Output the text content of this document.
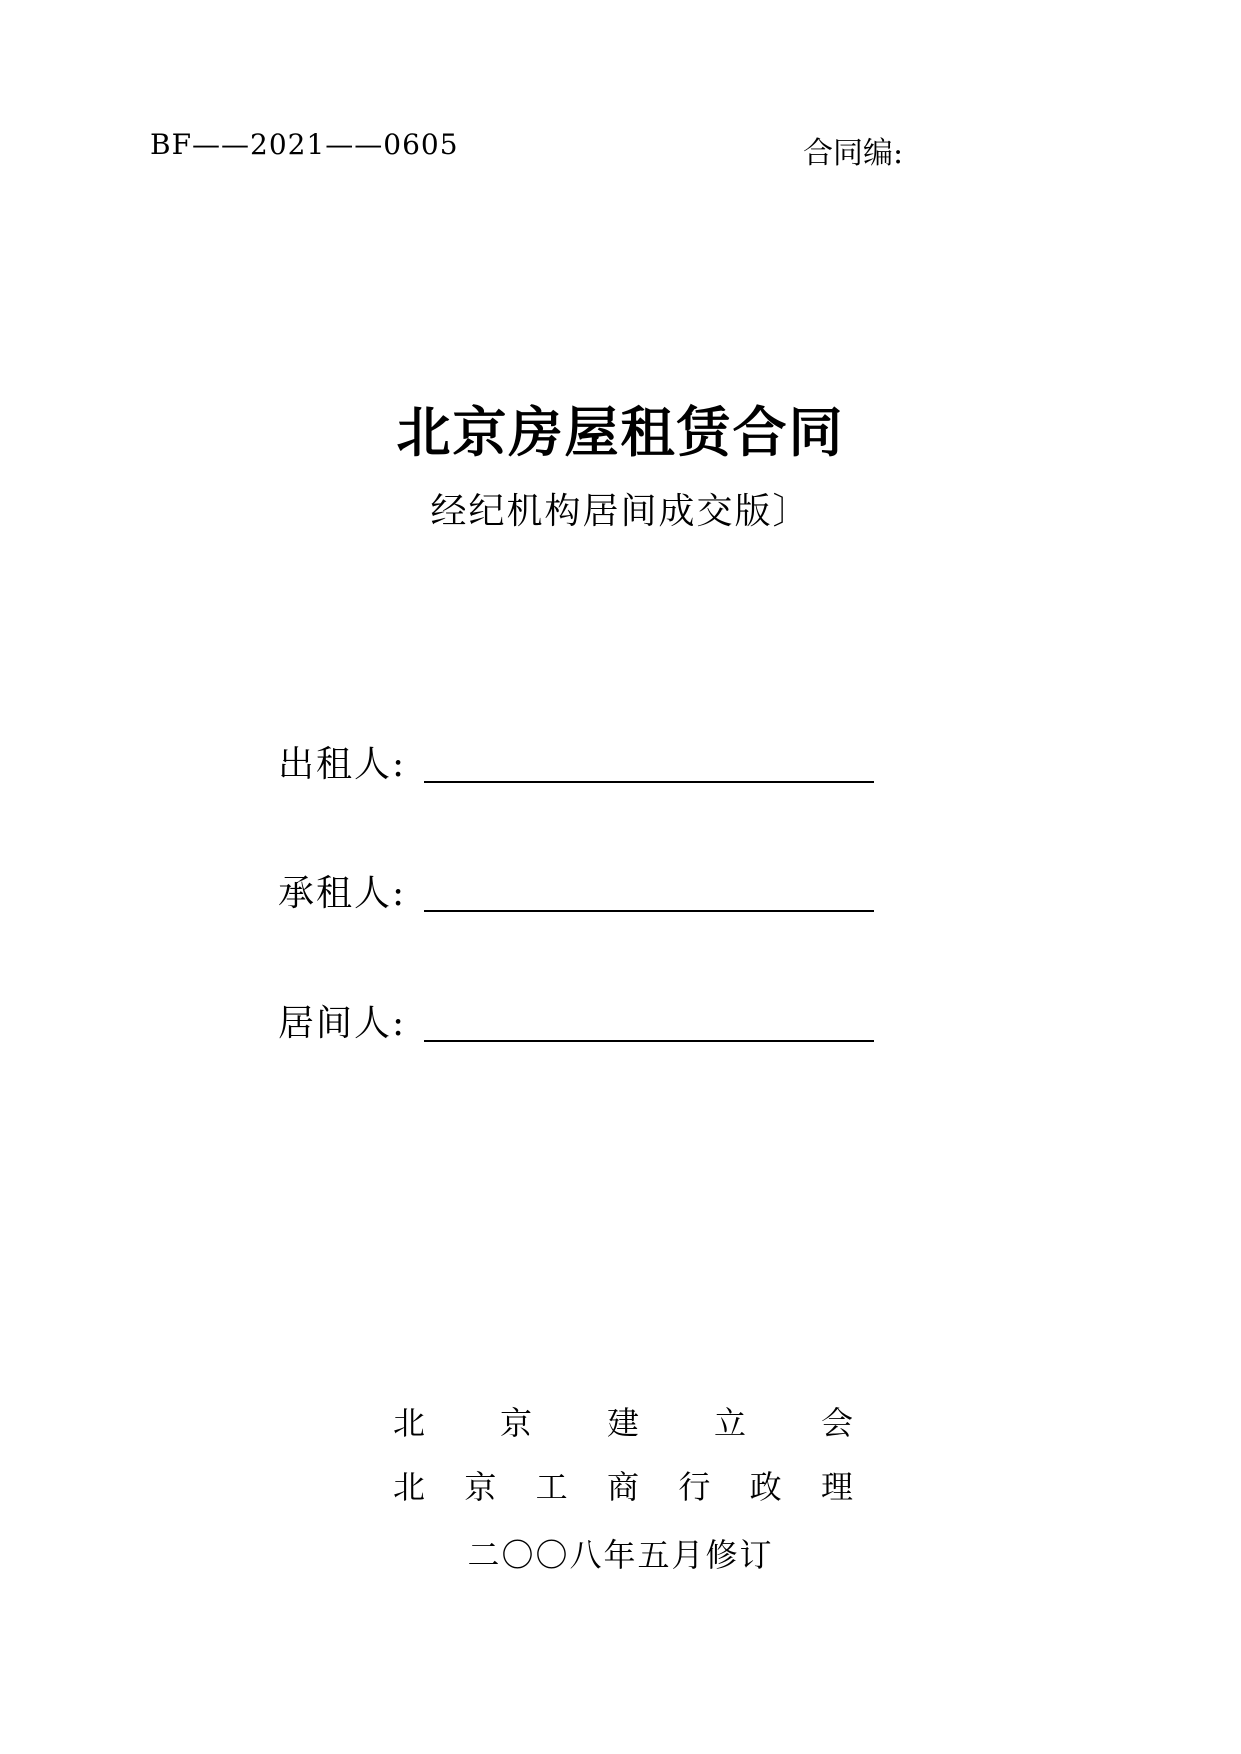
BF——2021——0605	合同编:
北京房屋租赁合同
经纪机构居间成交版〕
出租人:
承租人:
居间人:
北 京 建 立 会
北 京 工 商 行 政 理
二〇〇八年五月修订
